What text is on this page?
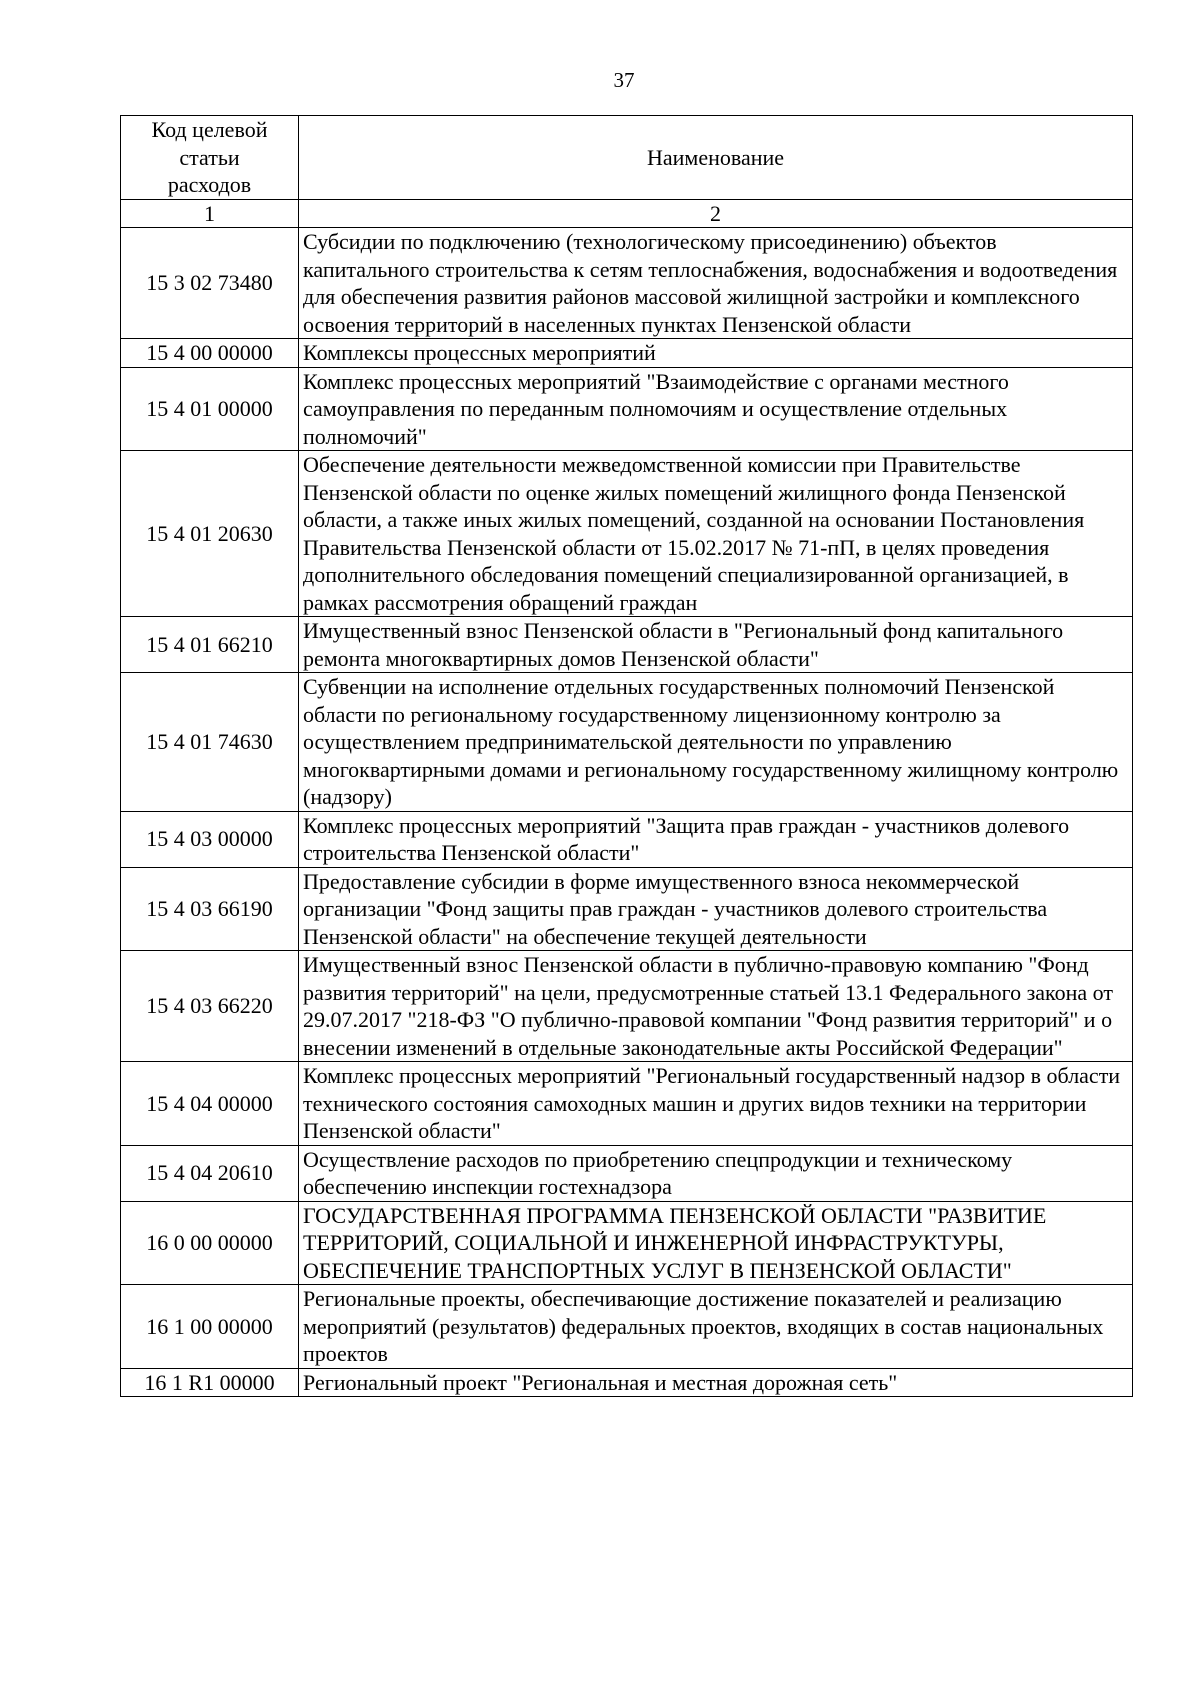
37
Код целевой статьи расходов	Наименование
1	2
15 3 02 73480	Субсидии по подключению (технологическому присоединению) объектов капитального строительства к сетям теплоснабжения, водоснабжения и водоотведения для обеспечения развития районов массовой жилищной застройки и комплексного освоения территорий в населенных пунктах Пензенской области
15 4 00 00000	Комплексы процессных мероприятий
15 4 01 00000	Комплекс процессных мероприятий "Взаимодействие с органами местного самоуправления по переданным полномочиям и осуществление отдельных полномочий"
15 4 01 20630	Обеспечение деятельности межведомственной комиссии при Правительстве Пензенской области по оценке жилых помещений жилищного фонда Пензенской области, а также иных жилых помещений, созданной на основании Постановления Правительства Пензенской области от 15.02.2017 № 71-пП, в целях проведения дополнительного обследования помещений специализированной организацией, в рамках рассмотрения обращений граждан
15 4 01 66210	Имущественный взнос Пензенской области в "Региональный фонд капитального ремонта многоквартирных домов Пензенской области"
15 4 01 74630	Субвенции на исполнение отдельных государственных полномочий Пензенской области по региональному государственному лицензионному контролю за осуществлением предпринимательской деятельности по управлению многоквартирными домами и региональному государственному жилищному контролю (надзору)
15 4 03 00000	Комплекс процессных мероприятий "Защита прав граждан - участников долевого строительства Пензенской области"
15 4 03 66190	Предоставление субсидии в форме имущественного взноса некоммерческой организации "Фонд защиты прав граждан - участников долевого строительства Пензенской области" на обеспечение текущей деятельности
15 4 03 66220	Имущественный взнос Пензенской области в публично-правовую компанию "Фонд развития территорий" на цели, предусмотренные статьей 13.1 Федерального закона от 29.07.2017 "218-ФЗ "О публично-правовой компании "Фонд развития территорий" и о внесении изменений в отдельные законодательные акты Российской Федерации"
15 4 04 00000	Комплекс процессных мероприятий "Региональный государственный надзор в области технического состояния самоходных машин и других видов техники на территории Пензенской области"
15 4 04 20610	Осуществление расходов по приобретению спецпродукции и техническому обеспечению инспекции гостехнадзора
16 0 00 00000	ГОСУДАРСТВЕННАЯ ПРОГРАММА ПЕНЗЕНСКОЙ ОБЛАСТИ "РАЗВИТИЕ ТЕРРИТОРИЙ, СОЦИАЛЬНОЙ И ИНЖЕНЕРНОЙ ИНФРАСТРУКТУРЫ, ОБЕСПЕЧЕНИЕ ТРАНСПОРТНЫХ УСЛУГ В ПЕНЗЕНСКОЙ ОБЛАСТИ"
16 1 00 00000	Региональные проекты, обеспечивающие достижение показателей и реализацию мероприятий (результатов) федеральных проектов, входящих в состав национальных проектов
16 1 R1 00000	Региональный проект "Региональная и местная дорожная сеть"
